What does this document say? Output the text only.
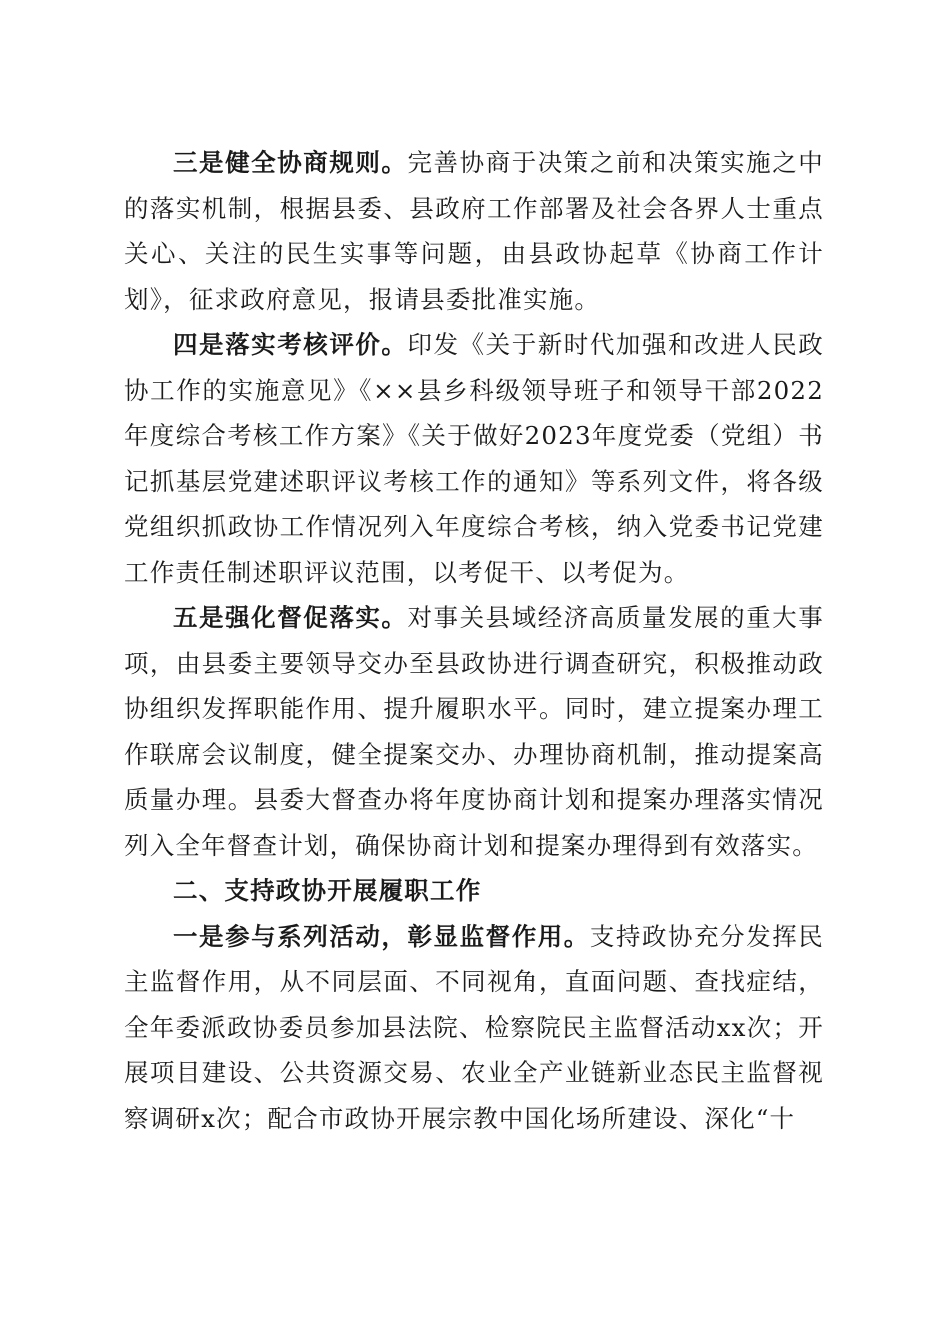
三是健全协商规则。完善协商于决策之前和决策实施之中的落实机制，根据县委、县政府工作部署及社会各界人士重点关心、关注的民生实事等问题，由县政协起草《协商工作计划》，征求政府意见，报请县委批准实施。

四是落实考核评价。印发《关于新时代加强和改进人民政协工作的实施意见》《××县乡科级领导班子和领导干部2022年度综合考核工作方案》《关于做好2023年度党委（党组）书记抓基层党建述职评议考核工作的通知》等系列文件，将各级党组织抓政协工作情况列入年度综合考核，纳入党委书记党建工作责任制述职评议范围，以考促干、以考促为。

五是强化督促落实。对事关县域经济高质量发展的重大事项，由县委主要领导交办至县政协进行调查研究，积极推动政协组织发挥职能作用、提升履职水平。同时，建立提案办理工作联席会议制度，健全提案交办、办理协商机制，推动提案高质量办理。县委大督查办将年度协商计划和提案办理落实情况列入全年督查计划，确保协商计划和提案办理得到有效落实。

二、支持政协开展履职工作

一是参与系列活动，彰显监督作用。支持政协充分发挥民主监督作用，从不同层面、不同视角，直面问题、查找症结，全年委派政协委员参加县法院、检察院民主监督活动xx次；开展项目建设、公共资源交易、农业全产业链新业态民主监督视察调研x次；配合市政协开展宗教中国化场所建设、深化“十
